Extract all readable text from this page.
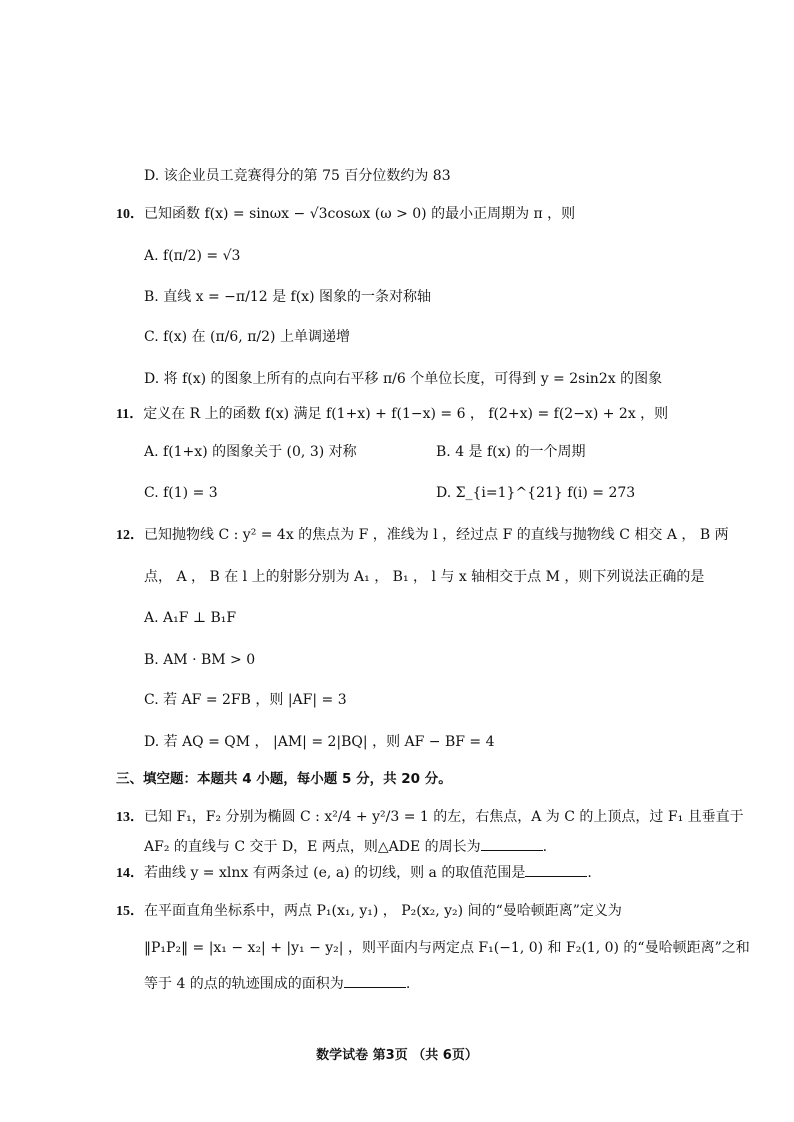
D. 该企业员工竞赛得分的第 75 百分位数约为 83
10．已知函数 f(x) = sinωx − √3cosωx (ω > 0) 的最小正周期为 π ，则
A. f(π/2) = √3
B. 直线 x = −π/12 是 f(x) 图象的一条对称轴
C. f(x) 在 (π/6, π/2) 上单调递增
D. 将 f(x) 的图象上所有的点向右平移 π/6 个单位长度，可得到 y = 2sin2x 的图象
11．定义在 R 上的函数 f(x) 满足 f(1+x) + f(1−x) = 6 ， f(2+x) = f(2−x) + 2x ，则
A. f(1+x) 的图象关于 (0, 3) 对称	B. 4 是 f(x) 的一个周期
C. f(1) = 3	D. Σ_{i=1}^{21} f(i) = 273
12．已知抛物线 C : y² = 4x 的焦点为 F ，准线为 l ，经过点 F 的直线与抛物线 C 相交 A ， B 两
点， A ， B 在 l 上的射影分别为 A₁ ， B₁ ， l 与 x 轴相交于点 M ，则下列说法正确的是
A. A₁F ⊥ B₁F
B. AM · BM > 0
C. 若 AF = 2FB ，则 |AF| = 3
D. 若 AQ = QM ， |AM| = 2|BQ| ，则 AF − BF = 4
三、填空题：本题共 4 小题，每小题 5 分，共 20 分。
13．已知 F₁，F₂ 分别为椭圆 C : x²/4 + y²/3 = 1 的左，右焦点，A 为 C 的上顶点，过 F₁ 且垂直于
AF₂ 的直线与 C 交于 D，E 两点，则△ADE 的周长为	.
14．若曲线 y = xlnx 有两条过 (e, a) 的切线，则 a 的取值范围是	.
15．在平面直角坐标系中，两点 P₁(x₁, y₁) ， P₂(x₂, y₂) 间的“曼哈顿距离”定义为
‖P₁P₂‖ = |x₁ − x₂| + |y₁ − y₂| ，则平面内与两定点 F₁(−1, 0) 和 F₂(1, 0) 的“曼哈顿距离”之和
等于 4 的点的轨迹围成的面积为	.
数学试卷 第3页 （共 6页）
